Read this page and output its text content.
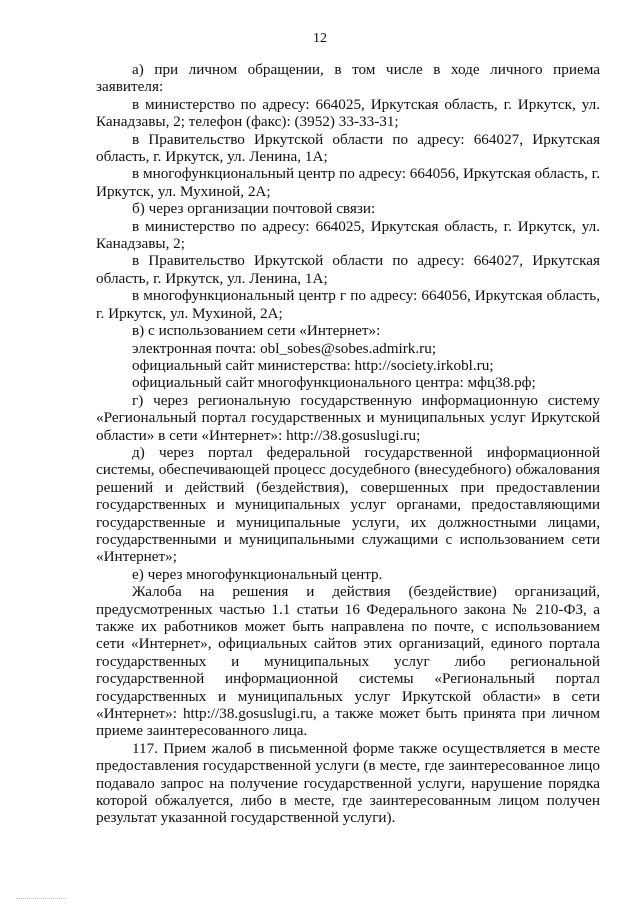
12

а) при личном обращении, в том числе в ходе личного приема заявителя:

в министерство по адресу: 664025, Иркутская область, г. Иркутск, ул. Канадзавы, 2; телефон (факс): (3952) 33-33-31;

в Правительство Иркутской области по адресу: 664027, Иркутская область, г. Иркутск, ул. Ленина, 1А;

в многофункциональный центр по адресу: 664056, Иркутская область, г. Иркутск, ул. Мухиной, 2А;

б) через организации почтовой связи:

в министерство по адресу: 664025, Иркутская область, г. Иркутск, ул. Канадзавы, 2;

в Правительство Иркутской области по адресу: 664027, Иркутская область, г. Иркутск, ул. Ленина, 1А;

в многофункциональный центр г по адресу: 664056, Иркутская область, г. Иркутск, ул. Мухиной, 2А;

в) с использованием сети «Интернет»:

электронная почта: obl_sobes@sobes.admirk.ru;

официальный сайт министерства: http://society.irkobl.ru;

официальный сайт многофункционального центра: мфц38.рф;

г) через региональную государственную информационную систему «Региональный портал государственных и муниципальных услуг Иркутской области» в сети «Интернет»: http://38.gosuslugi.ru;

д) через портал федеральной государственной информационной системы, обеспечивающей процесс досудебного (внесудебного) обжалования решений и действий (бездействия), совершенных при предоставлении государственных и муниципальных услуг органами, предоставляющими государственные и муниципальные услуги, их должностными лицами, государственными и муниципальными служащими с использованием сети «Интернет»;

е) через многофункциональный центр.

Жалоба на решения и действия (бездействие) организаций, предусмотренных частью 1.1 статьи 16 Федерального закона № 210-ФЗ, а также их работников может быть направлена по почте, с использованием сети «Интернет», официальных сайтов этих организаций, единого портала государственных и муниципальных услуг либо региональной государственной информационной системы «Региональный портал государственных и муниципальных услуг Иркутской области» в сети «Интернет»: http://38.gosuslugi.ru, а также может быть принята при личном приеме заинтересованного лица.

117. Прием жалоб в письменной форме также осуществляется в месте предоставления государственной услуги (в месте, где заинтересованное лицо подавало запрос на получение государственной услуги, нарушение порядка которой обжалуется, либо в месте, где заинтересованным лицом получен результат указанной государственной услуги).
